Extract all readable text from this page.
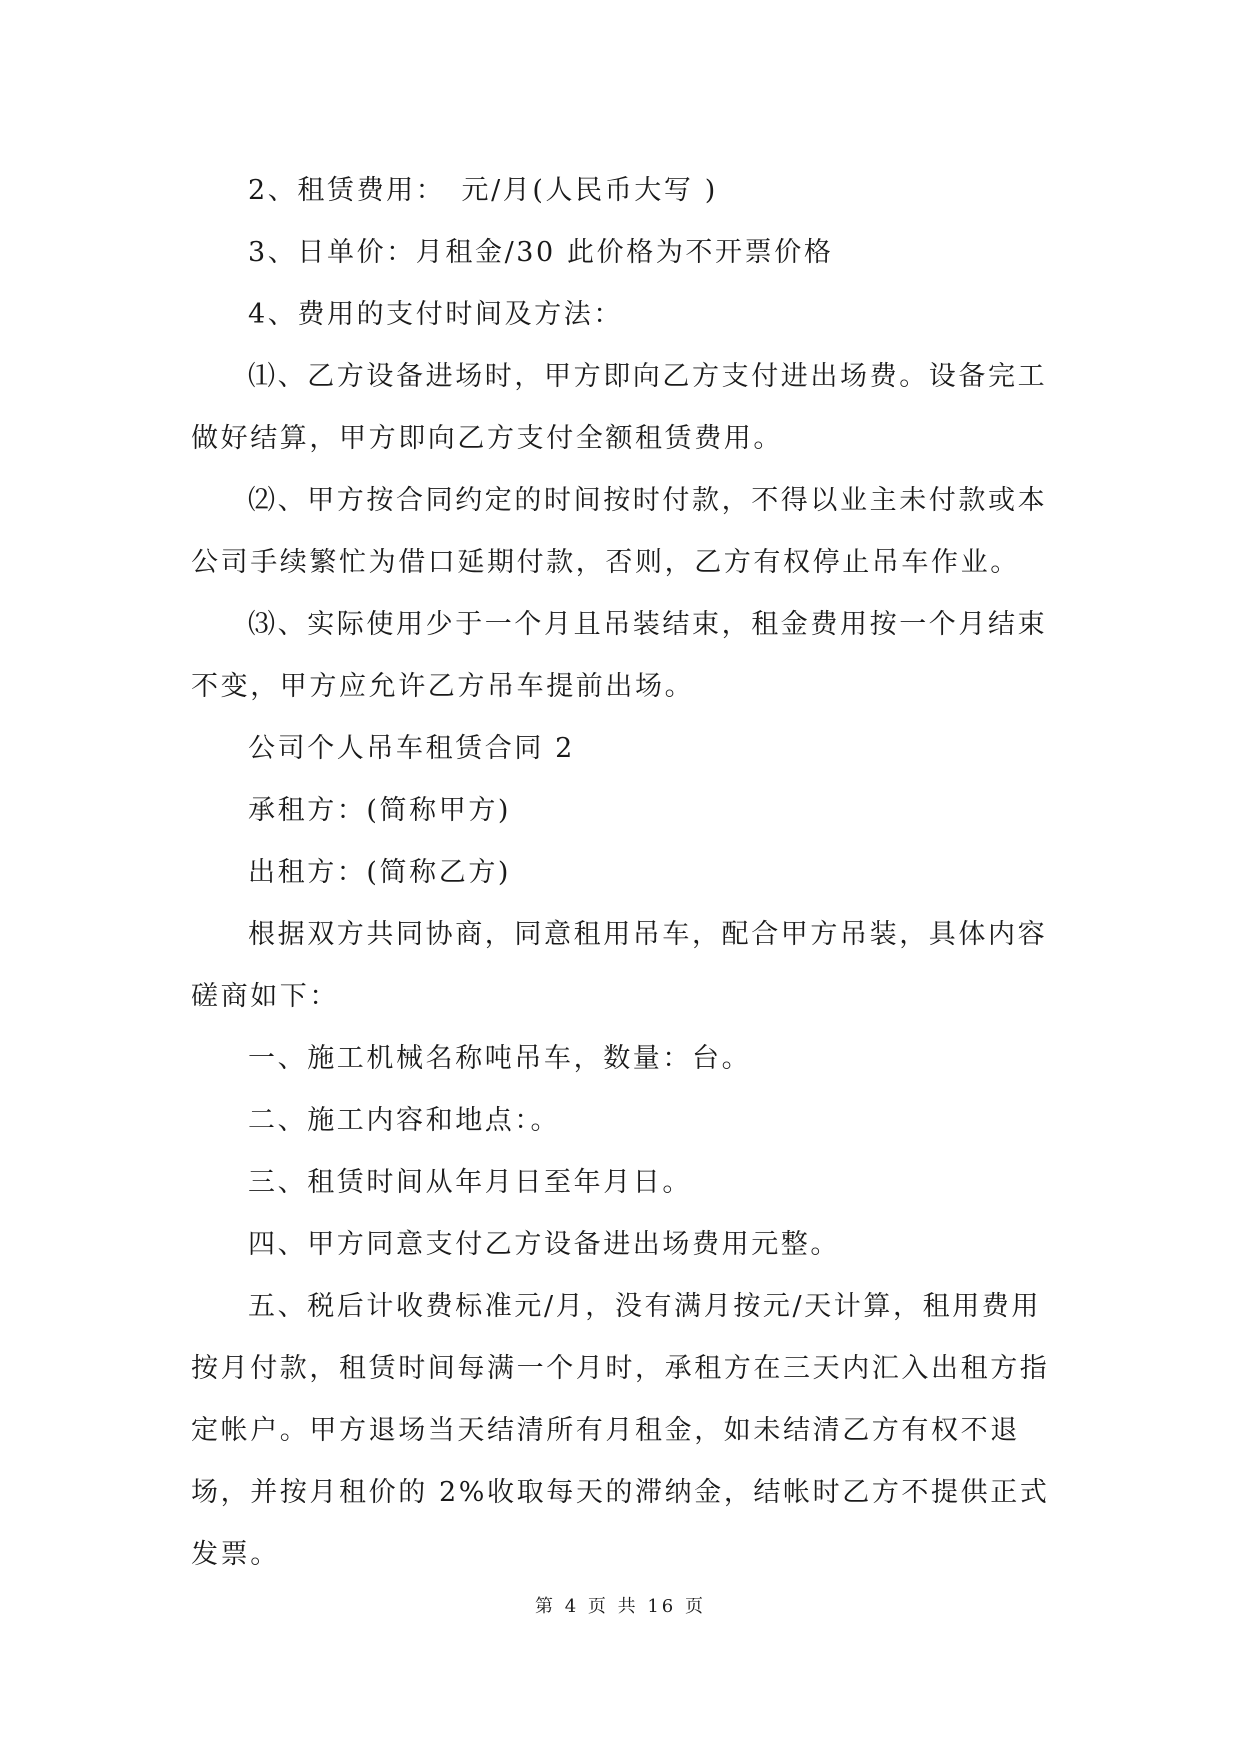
2、租赁费用：　元/月(人民币大写 )

3、日单价：月租金/30 此价格为不开票价格

4、费用的支付时间及方法：

⑴、乙方设备进场时，甲方即向乙方支付进出场费。设备完工做好结算，甲方即向乙方支付全额租赁费用。

⑵、甲方按合同约定的时间按时付款，不得以业主未付款或本公司手续繁忙为借口延期付款，否则，乙方有权停止吊车作业。

⑶、实际使用少于一个月且吊装结束，租金费用按一个月结束不变，甲方应允许乙方吊车提前出场。

公司个人吊车租赁合同 2

承租方：(简称甲方)

出租方：(简称乙方)

根据双方共同协商，同意租用吊车，配合甲方吊装，具体内容磋商如下：

一、施工机械名称吨吊车，数量：台。

二、施工内容和地点：。

三、租赁时间从年月日至年月日。

四、甲方同意支付乙方设备进出场费用元整。

五、税后计收费标准元/月，没有满月按元/天计算，租用费用按月付款，租赁时间每满一个月时，承租方在三天内汇入出租方指定帐户。甲方退场当天结清所有月租金，如未结清乙方有权不退场，并按月租价的 2%收取每天的滞纳金，结帐时乙方不提供正式发票。

第 4 页 共 16 页
